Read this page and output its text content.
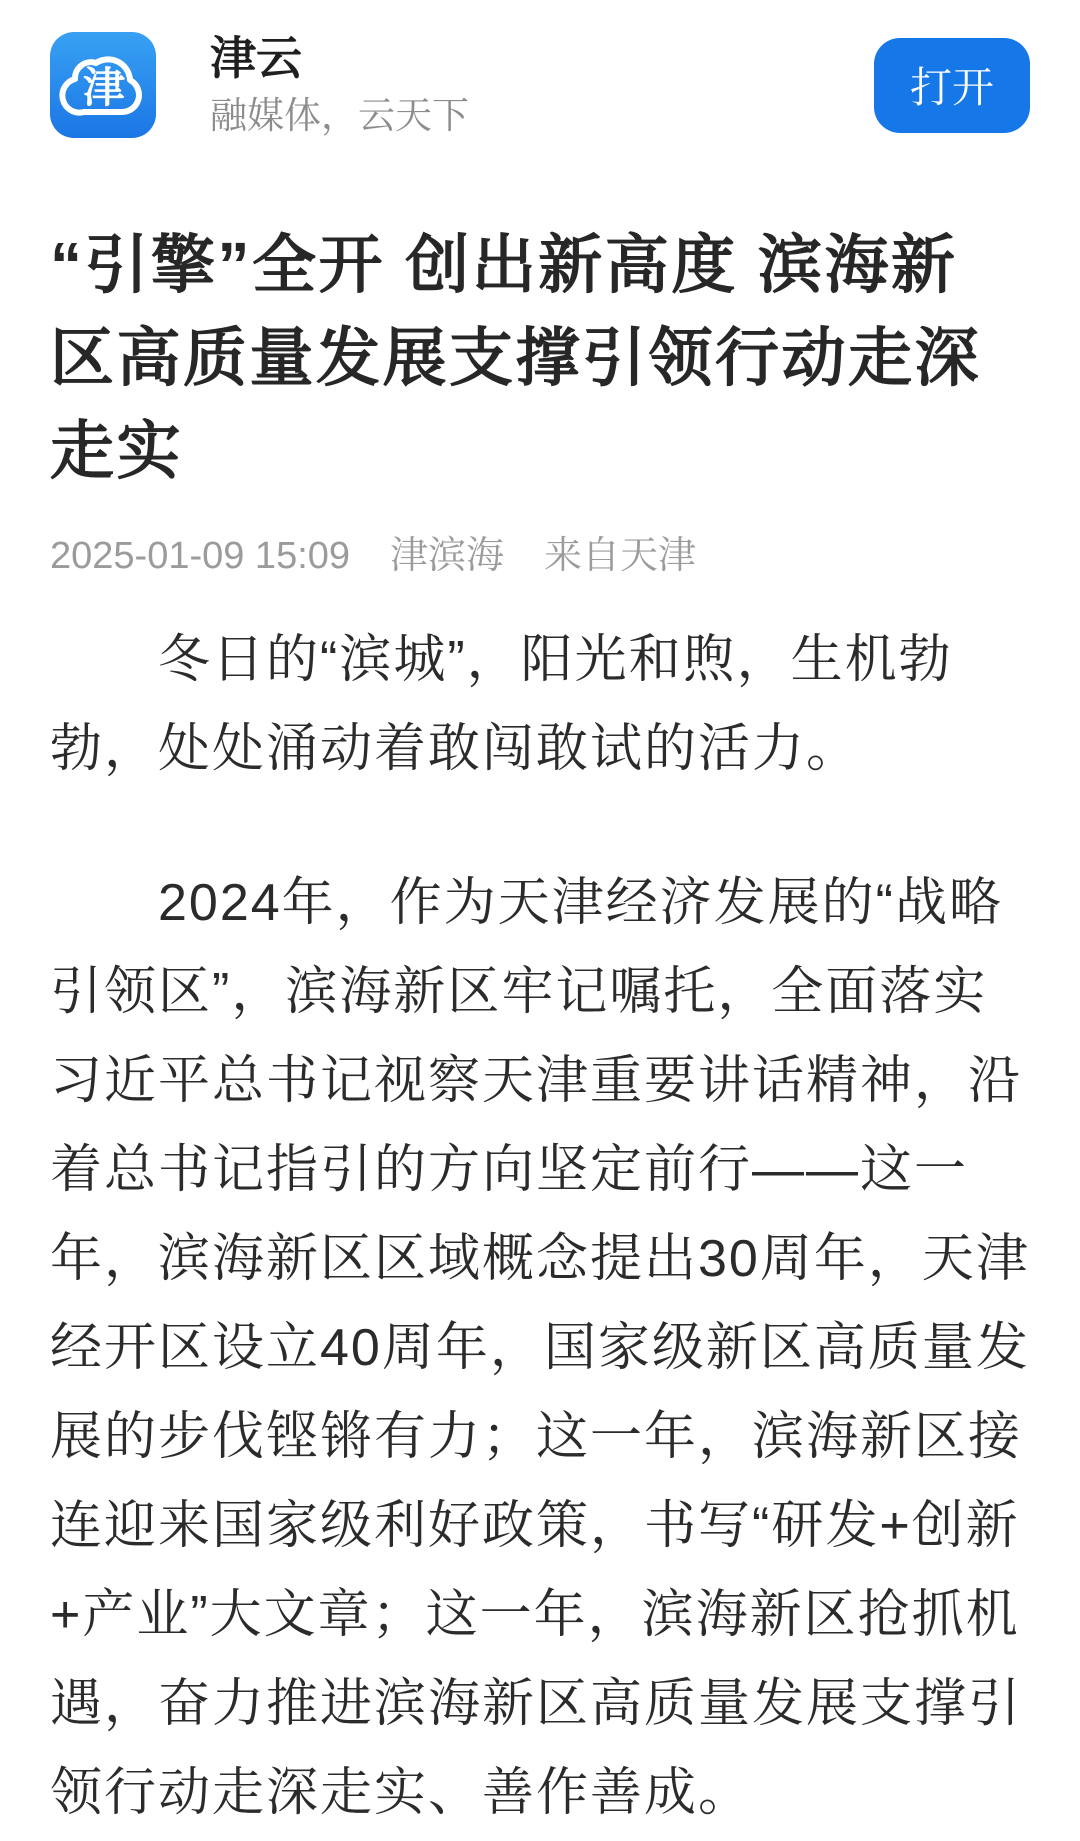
津
津云
融媒体，云天下
打开
“引擎”全开 创出新高度 滨海新
区高质量发展支撑引领行动走深
走实
2025-01-09 15:09 津滨海 来自天津
冬日的“滨城”，阳光和煦，生机勃
勃，处处涌动着敢闯敢试的活力。
2024年，作为天津经济发展的“战略
引领区”，滨海新区牢记嘱托，全面落实
习近平总书记视察天津重要讲话精神，沿
着总书记指引的方向坚定前行——这一
年，滨海新区区域概念提出30周年，天津
经开区设立40周年，国家级新区高质量发
展的步伐铿锵有力；这一年，滨海新区接
连迎来国家级利好政策，书写“研发+创新
+产业”大文章；这一年，滨海新区抢抓机
遇，奋力推进滨海新区高质量发展支撑引
领行动走深走实、善作善成。
